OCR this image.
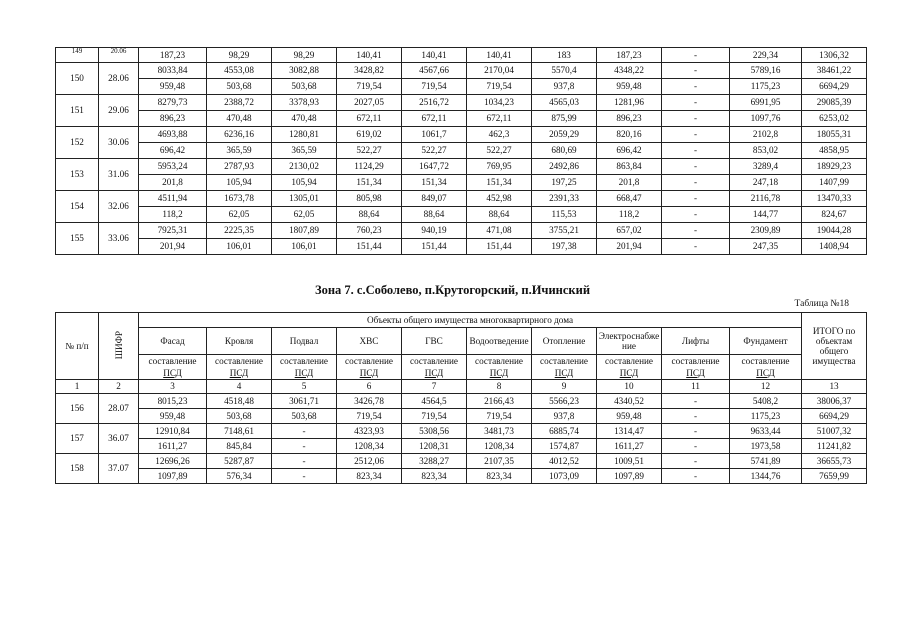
149	20.06	187,23	98,29	98,29	140,41	140,41	140,41	183	187,23	-	229,34	1306,32
150	28.06	8033,84	4553,08	3082,88	3428,82	4567,66	2170,04	5570,4	4348,22	-	5789,16	38461,22
		959,48	503,68	503,68	719,54	719,54	719,54	937,8	959,48	-	1175,23	6694,29
151	29.06	8279,73	2388,72	3378,93	2027,05	2516,72	1034,23	4565,03	1281,96	-	6991,95	29085,39
		896,23	470,48	470,48	672,11	672,11	672,11	875,99	896,23	-	1097,76	6253,02
152	30.06	4693,88	6236,16	1280,81	619,02	1061,7	462,3	2059,29	820,16	-	2102,8	18055,31
		696,42	365,59	365,59	522,27	522,27	522,27	680,69	696,42	-	853,02	4858,95
153	31.06	5953,24	2787,93	2130,02	1124,29	1647,72	769,95	2492,86	863,84	-	3289,4	18929,23
		201,8	105,94	105,94	151,34	151,34	151,34	197,25	201,8	-	247,18	1407,99
154	32.06	4511,94	1673,78	1305,01	805,98	849,07	452,98	2391,33	668,47	-	2116,78	13470,33
		118,2	62,05	62,05	88,64	88,64	88,64	115,53	118,2	-	144,77	824,67
155	33.06	7925,31	2225,35	1807,89	760,23	940,19	471,08	3755,21	657,02	-	2309,89	19044,28
		201,94	106,01	106,01	151,44	151,44	151,44	197,38	201,94	-	247,35	1408,94
Зона 7. с.Соболево, п.Крутогорский, п.Ичинский
Таблица №18
№ п/п	ШИФР	Объекты общего имущества многоквартирного дома										ИТОГО по объектам общего имущества
		Фасад	Кровля	Подвал	ХВС	ГВС	Водоотведение	Отопление	Электроснабжение	Лифты	Фундамент	
		составление	составление	составление	составление	составление	составление	составление	составление	составление	составление	
		ПСД	ПСД	ПСД	ПСД	ПСД	ПСД	ПСД	ПСД	ПСД	ПСД	
1	2	3	4	5	6	7	8	9	10	11	12	13
156	28.07	8015,23	4518,48	3061,71	3426,78	4564,5	2166,43	5566,23	4340,52	-	5408,2	38006,37
		959,48	503,68	503,68	719,54	719,54	719,54	937,8	959,48	-	1175,23	6694,29
157	36.07	12910,84	7148,61	-	4323,93	5308,56	3481,73	6885,74	1314,47	-	9633,44	51007,32
		1611,27	845,84	-	1208,34	1208,31	1208,34	1574,87	1611,27	-	1973,58	11241,82
158	37.07	12696,26	5287,87	-	2512,06	3288,27	2107,35	4012,52	1009,51	-	5741,89	36655,73
		1097,89	576,34	-	823,34	823,34	823,34	1073,09	1097,89	-	1344,76	7659,99
